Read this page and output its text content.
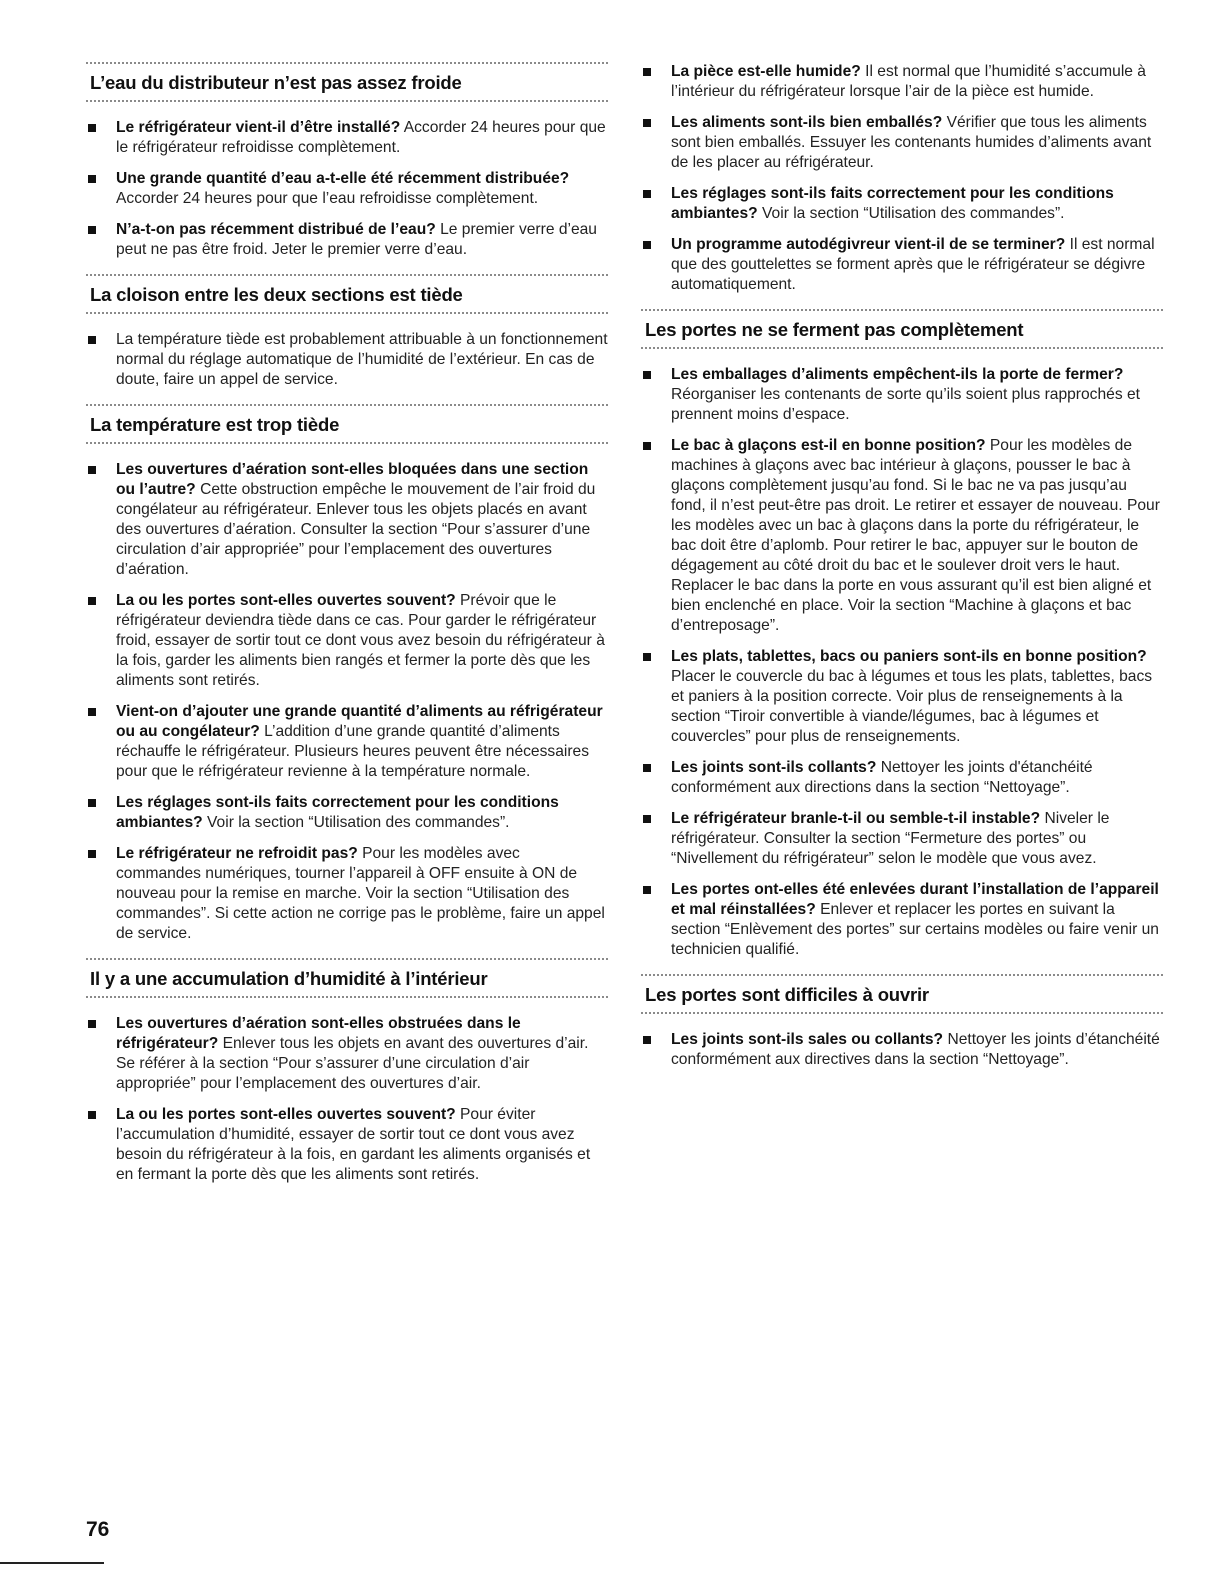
L’eau du distributeur n’est pas assez froide
Le réfrigérateur vient-il d’être installé? Accorder 24 heures pour que le réfrigérateur refroidisse complètement.
Une grande quantité d’eau a-t-elle été récemment distribuée? Accorder 24 heures pour que l’eau refroidisse complètement.
N’a-t-on pas récemment distribué de l’eau? Le premier verre d’eau peut ne pas être froid. Jeter le premier verre d’eau.
La cloison entre les deux sections est tiède
La température tiède est probablement attribuable à un fonctionnement normal du réglage automatique de l’humidité de l’extérieur. En cas de doute, faire un appel de service.
La température est trop tiède
Les ouvertures d’aération sont-elles bloquées dans une section ou l’autre? Cette obstruction empêche le mouvement de l’air froid du congélateur au réfrigérateur. Enlever tous les objets placés en avant des ouvertures d’aération. Consulter la section “Pour s’assurer d’une circulation d’air appropriée” pour l’emplacement des ouvertures d’aération.
La ou les portes sont-elles ouvertes souvent? Prévoir que le réfrigérateur deviendra tiède dans ce cas. Pour garder le réfrigérateur froid, essayer de sortir tout ce dont vous avez besoin du réfrigérateur à la fois, garder les aliments bien rangés et fermer la porte dès que les aliments sont retirés.
Vient-on d’ajouter une grande quantité d’aliments au réfrigérateur ou au congélateur? L’addition d’une grande quantité d’aliments réchauffe le réfrigérateur. Plusieurs heures peuvent être nécessaires pour que le réfrigérateur revienne à la température normale.
Les réglages sont-ils faits correctement pour les conditions ambiantes? Voir la section “Utilisation des commandes”.
Le réfrigérateur ne refroidit pas? Pour les modèles avec commandes numériques, tourner l’appareil à OFF ensuite à ON de nouveau pour la remise en marche. Voir la section “Utilisation des commandes”. Si cette action ne corrige pas le problème, faire un appel de service.
Il y a une accumulation d’humidité à l’intérieur
Les ouvertures d’aération sont-elles obstruées dans le réfrigérateur? Enlever tous les objets en avant des ouvertures d’air. Se référer à la section “Pour s’assurer d’une circulation d’air appropriée” pour l’emplacement des ouvertures d’air.
La ou les portes sont-elles ouvertes souvent? Pour éviter l’accumulation d’humidité, essayer de sortir tout ce dont vous avez besoin du réfrigérateur à la fois, en gardant les aliments organisés et en fermant la porte dès que les aliments sont retirés.
La pièce est-elle humide? Il est normal que l’humidité s’accumule à l’intérieur du réfrigérateur lorsque l’air de la pièce est humide.
Les aliments sont-ils bien emballés? Vérifier que tous les aliments sont bien emballés. Essuyer les contenants humides d’aliments avant de les placer au réfrigérateur.
Les réglages sont-ils faits correctement pour les conditions ambiantes? Voir la section “Utilisation des commandes”.
Un programme autodégivreur vient-il de se terminer? Il est normal que des gouttelettes se forment après que le réfrigérateur se dégivre automatiquement.
Les portes ne se ferment pas complètement
Les emballages d’aliments empêchent-ils la porte de fermer? Réorganiser les contenants de sorte qu’ils soient plus rapprochés et prennent moins d’espace.
Le bac à glaçons est-il en bonne position? Pour les modèles de machines à glaçons avec bac intérieur à glaçons, pousser le bac à glaçons complètement jusqu’au fond. Si le bac ne va pas jusqu’au fond, il n’est peut-être pas droit. Le retirer et essayer de nouveau. Pour les modèles avec un bac à glaçons dans la porte du réfrigérateur, le bac doit être d’aplomb. Pour retirer le bac, appuyer sur le bouton de dégagement au côté droit du bac et le soulever droit vers le haut. Replacer le bac dans la porte en vous assurant qu’il est bien aligné et bien enclenché en place. Voir la section “Machine à glaçons et bac d’entreposage”.
Les plats, tablettes, bacs ou paniers sont-ils en bonne position? Placer le couvercle du bac à légumes et tous les plats, tablettes, bacs et paniers à la position correcte. Voir plus de renseignements à la section “Tiroir convertible à viande/légumes, bac à légumes et couvercles” pour plus de renseignements.
Les joints sont-ils collants? Nettoyer les joints d'étanchéité conformément aux directions dans la section “Nettoyage”.
Le réfrigérateur branle-t-il ou semble-t-il instable? Niveler le réfrigérateur. Consulter la section “Fermeture des portes” ou “Nivellement du réfrigérateur” selon le modèle que vous avez.
Les portes ont-elles été enlevées durant l’installation de l’appareil et mal réinstallées? Enlever et replacer les portes en suivant la section “Enlèvement des portes” sur certains modèles ou faire venir un technicien qualifié.
Les portes sont difficiles à ouvrir
Les joints sont-ils sales ou collants? Nettoyer les joints d’étanchéité conformément aux directives dans la section “Nettoyage”.
76
